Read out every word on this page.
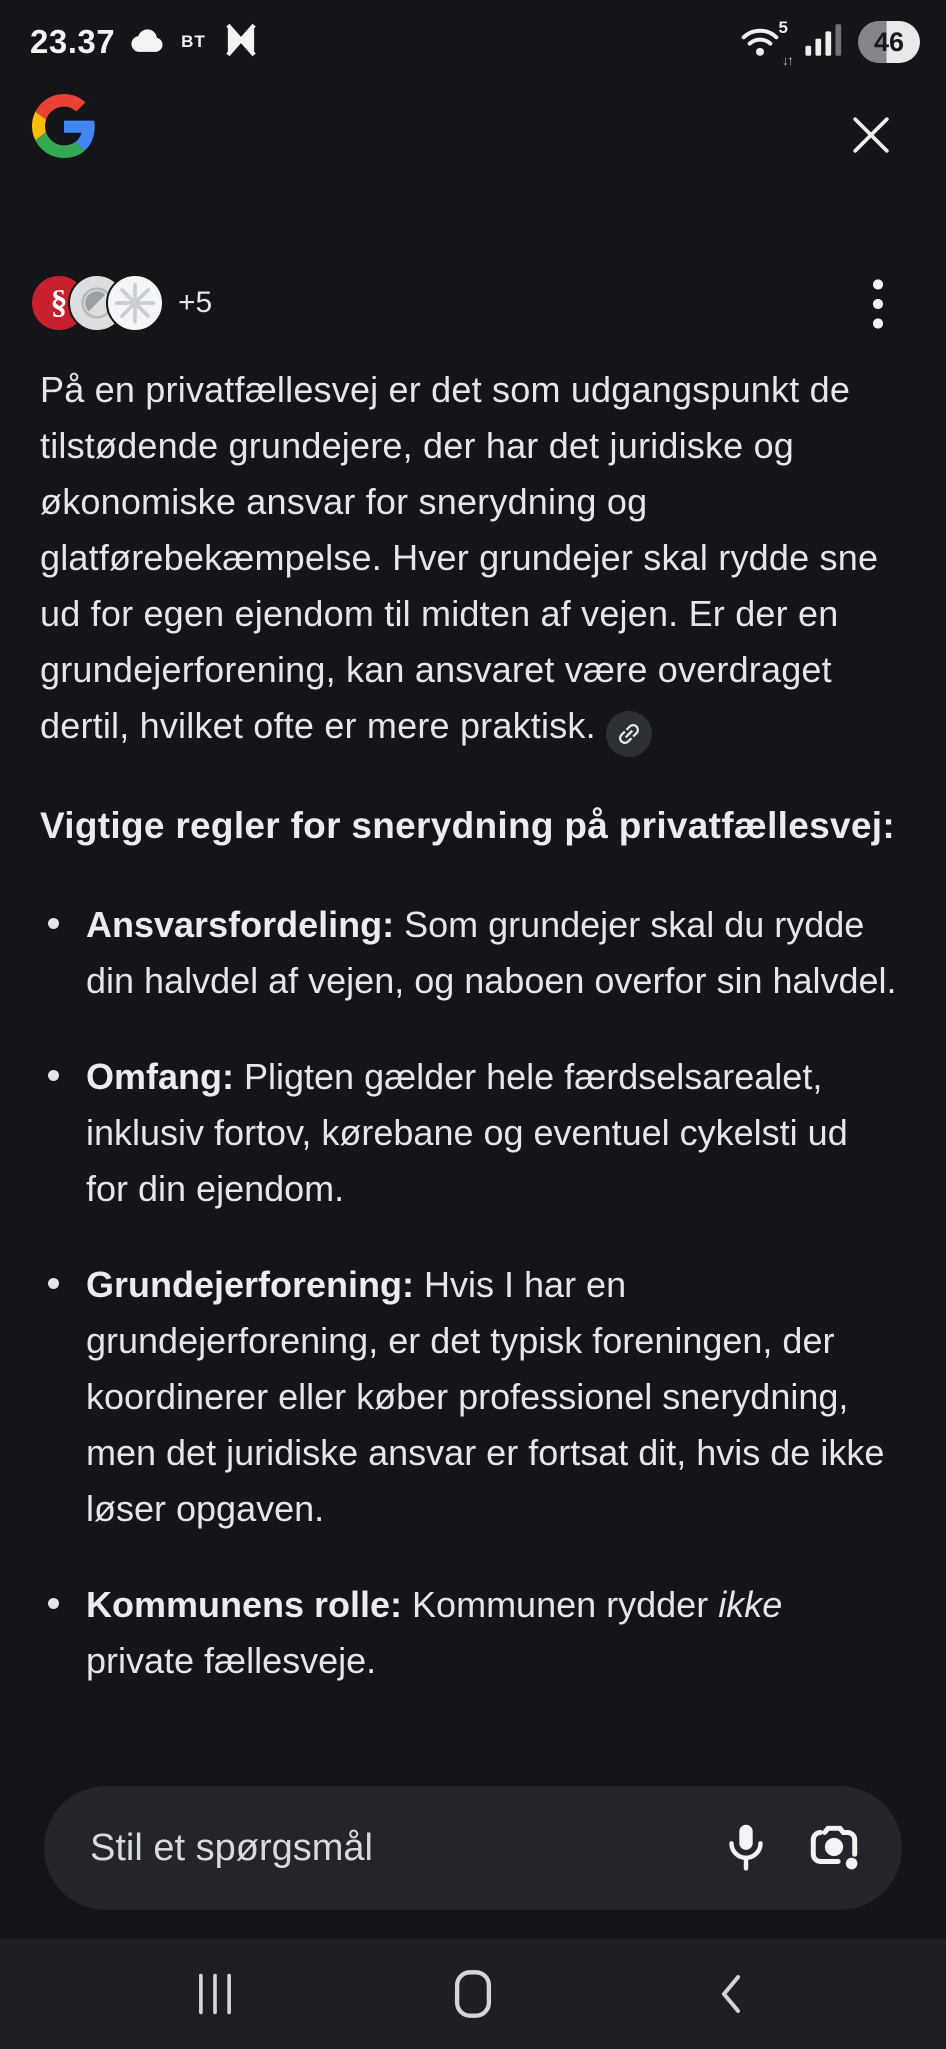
23.37	BT
5
↓↑
46
§	+5

På en privatfællesvej er det som udgangspunkt de tilstødende grundejere, der har det juridiske og økonomiske ansvar for snerydning og glatførebekæmpelse. Hver grundejer skal rydde sne ud for egen ejendom til midten af vejen. Er der en grundejerforening, kan ansvaret være overdraget dertil, hvilket ofte er mere praktisk.

Vigtige regler for snerydning på privatfællesvej:
Ansvarsfordeling: Som grundejer skal du rydde din halvdel af vejen, og naboen overfor sin halvdel.
Omfang: Pligten gælder hele færdselsarealet, inklusiv fortov, kørebane og eventuel cykelsti ud for din ejendom.
Grundejerforening: Hvis I har en grundejerforening, er det typisk foreningen, der koordinerer eller køber professionel snerydning, men det juridiske ansvar er fortsat dit, hvis de ikke løser opgaven.
Kommunens rolle: Kommunen rydder ikke private fællesveje.
Stil et spørgsmål
